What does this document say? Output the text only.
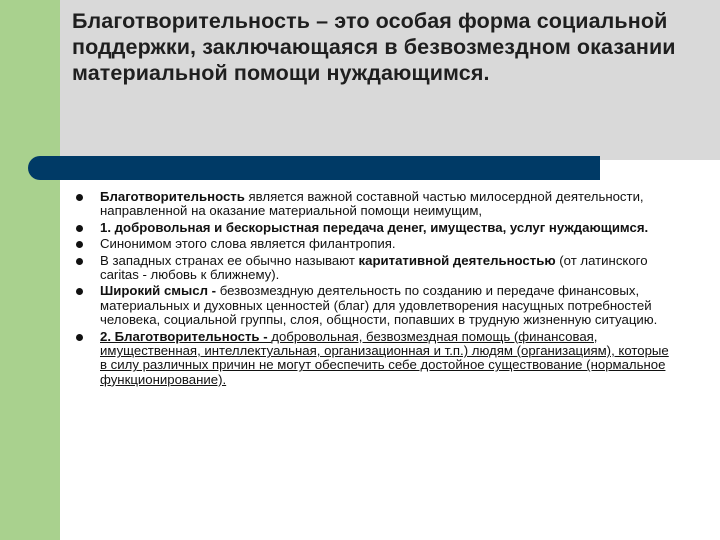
Благотворительность – это особая форма социальной поддержки, заключающаяся в безвозмездном оказании материальной помощи нуждающимся.
Благотворительность является важной составной частью милосердной деятельности, направленной на оказание материальной помощи неимущим,
1. добровольная и бескорыстная передача денег, имущества, услуг нуждающимся.
Синонимом этого слова является филантропия.
В западных странах ее обычно называют каритативной деятельностью (от латинского caritas - любовь к ближнему).
Широкий смысл - безвозмездную деятельность по созданию и передаче финансовых, материальных и духовных ценностей (благ) для удовлетворения насущных потребностей человека, социальной группы, слоя, общности, попавших в трудную жизненную ситуацию.
2. Благотворительность - добровольная, безвозмездная помощь (финансовая, имущественная, интеллектуальная, организационная и т.п.) людям (организациям), которые в силу различных причин не могут обеспечить себе достойное существование (нормальное функционирование).
